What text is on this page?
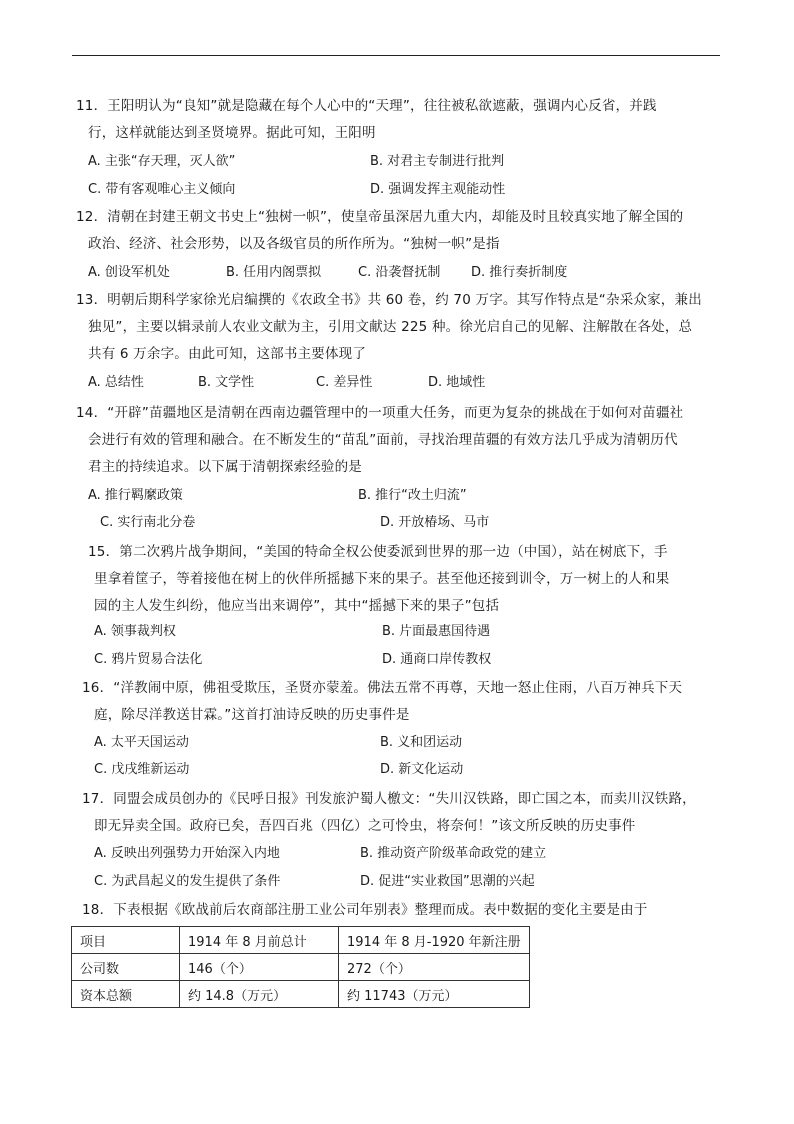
11．王阳明认为“良知”就是隐藏在每个人心中的“天理”，往往被私欲遮蔽，强调内心反省，并践
行，这样就能达到圣贤境界。据此可知，王阳明
A. 主张“存天理，灭人欲”	B. 对君主专制进行批判
C. 带有客观唯心主义倾向	D. 强调发挥主观能动性
12．清朝在封建王朝文书史上“独树一帜”，使皇帝虽深居九重大内，却能及时且较真实地了解全国的
政治、经济、社会形势，以及各级官员的所作所为。“独树一帜”是指
A. 创设军机处	B. 任用内阁票拟	C. 沿袭督抚制 D. 推行奏折制度
13．明朝后期科学家徐光启编撰的《农政全书》共 60 卷，约 70 万字。其写作特点是“杂采众家，兼出
独见”，主要以辑录前人农业文献为主，引用文献达 225 种。徐光启自己的见解、注解散在各处，总
共有 6 万余字。由此可知，这部书主要体现了
A. 总结性	B. 文学性	C. 差异性	D. 地域性
14．“开辟”苗疆地区是清朝在西南边疆管理中的一项重大任务，而更为复杂的挑战在于如何对苗疆社
会进行有效的管理和融合。在不断发生的“苗乱”面前，寻找治理苗疆的有效方法几乎成为清朝历代
君主的持续追求。以下属于清朝探索经验的是
A. 推行羁縻政策	B. 推行“改土归流”
C. 实行南北分卷	D. 开放椿场、马市
15．第二次鸦片战争期间，“美国的特命全权公使委派到世界的那一边（中国），站在树底下，手
里拿着筐子，等着接他在树上的伙伴所摇撼下来的果子。甚至他还接到训令，万一树上的人和果
园的主人发生纠纷，他应当出来调停”，其中“摇撼下来的果子”包括
A. 领事裁判权	B. 片面最惠国待遇
C. 鸦片贸易合法化	D. 通商口岸传教权
16．“洋教闹中原，佛祖受欺压，圣贤亦蒙羞。佛法五常不再尊，天地一怒止住雨，八百万神兵下天
庭，除尽洋教送甘霖。”这首打油诗反映的历史事件是
A. 太平天国运动	B. 义和团运动
C. 戊戌维新运动	D. 新文化运动
17．同盟会成员创办的《民呼日报》刊发旅沪蜀人檄文：“失川汉铁路，即亡国之本，而卖川汉铁路，
即无异卖全国。政府已矣，吾四百兆（四亿）之可怜虫，将奈何！”该文所反映的历史事件
A. 反映出列强势力开始深入内地	B. 推动资产阶级革命政党的建立
C. 为武昌起义的发生提供了条件	D. 促进“实业救国”思潮的兴起
18．下表根据《欧战前后农商部注册工业公司年别表》整理而成。表中数据的变化主要是由于
项目	1914 年 8 月前总计	1914 年 8 月-1920 年新注册
公司数	146（个）	272（个）
资本总额	约 14.8（万元）	约 11743（万元）
